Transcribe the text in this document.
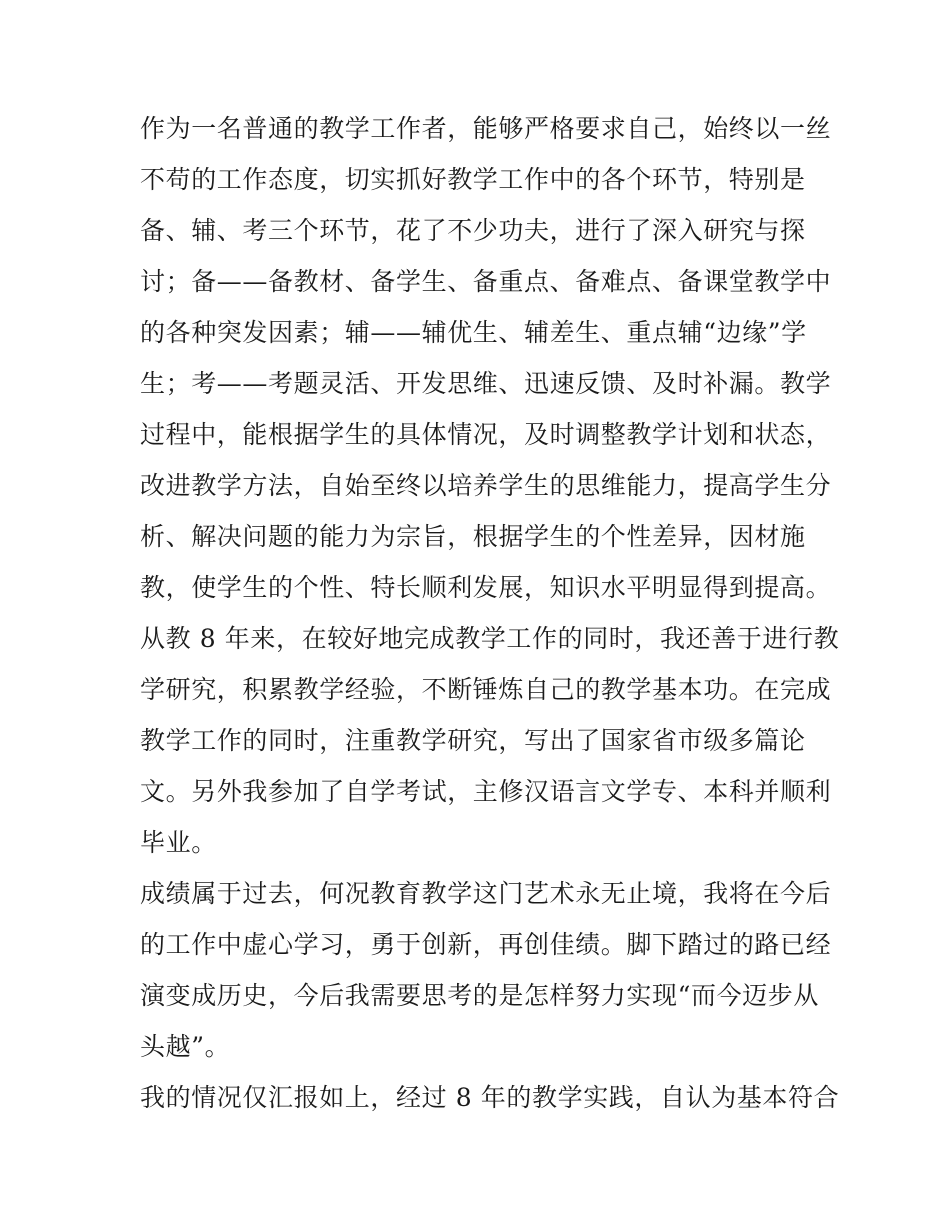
作为一名普通的教学工作者，能够严格要求自己，始终以一丝

不苟的工作态度，切实抓好教学工作中的各个环节，特别是

备、辅、考三个环节，花了不少功夫，进行了深入研究与探

讨；备——备教材、备学生、备重点、备难点、备课堂教学中

的各种突发因素；辅——辅优生、辅差生、重点辅“边缘”学

生；考——考题灵活、开发思维、迅速反馈、及时补漏。教学

过程中，能根据学生的具体情况，及时调整教学计划和状态，

改进教学方法，自始至终以培养学生的思维能力，提高学生分

析、解决问题的能力为宗旨，根据学生的个性差异，因材施

教，使学生的个性、特长顺利发展，知识水平明显得到提高。

从教 8 年来，在较好地完成教学工作的同时，我还善于进行教

学研究，积累教学经验，不断锤炼自己的教学基本功。在完成

教学工作的同时，注重教学研究，写出了国家省市级多篇论

文。另外我参加了自学考试，主修汉语言文学专、本科并顺利

毕业。

成绩属于过去，何况教育教学这门艺术永无止境，我将在今后

的工作中虚心学习，勇于创新，再创佳绩。脚下踏过的路已经

演变成历史，今后我需要思考的是怎样努力实现“而今迈步从

头越”。

我的情况仅汇报如上，经过 8 年的教学实践，自认为基本符合
